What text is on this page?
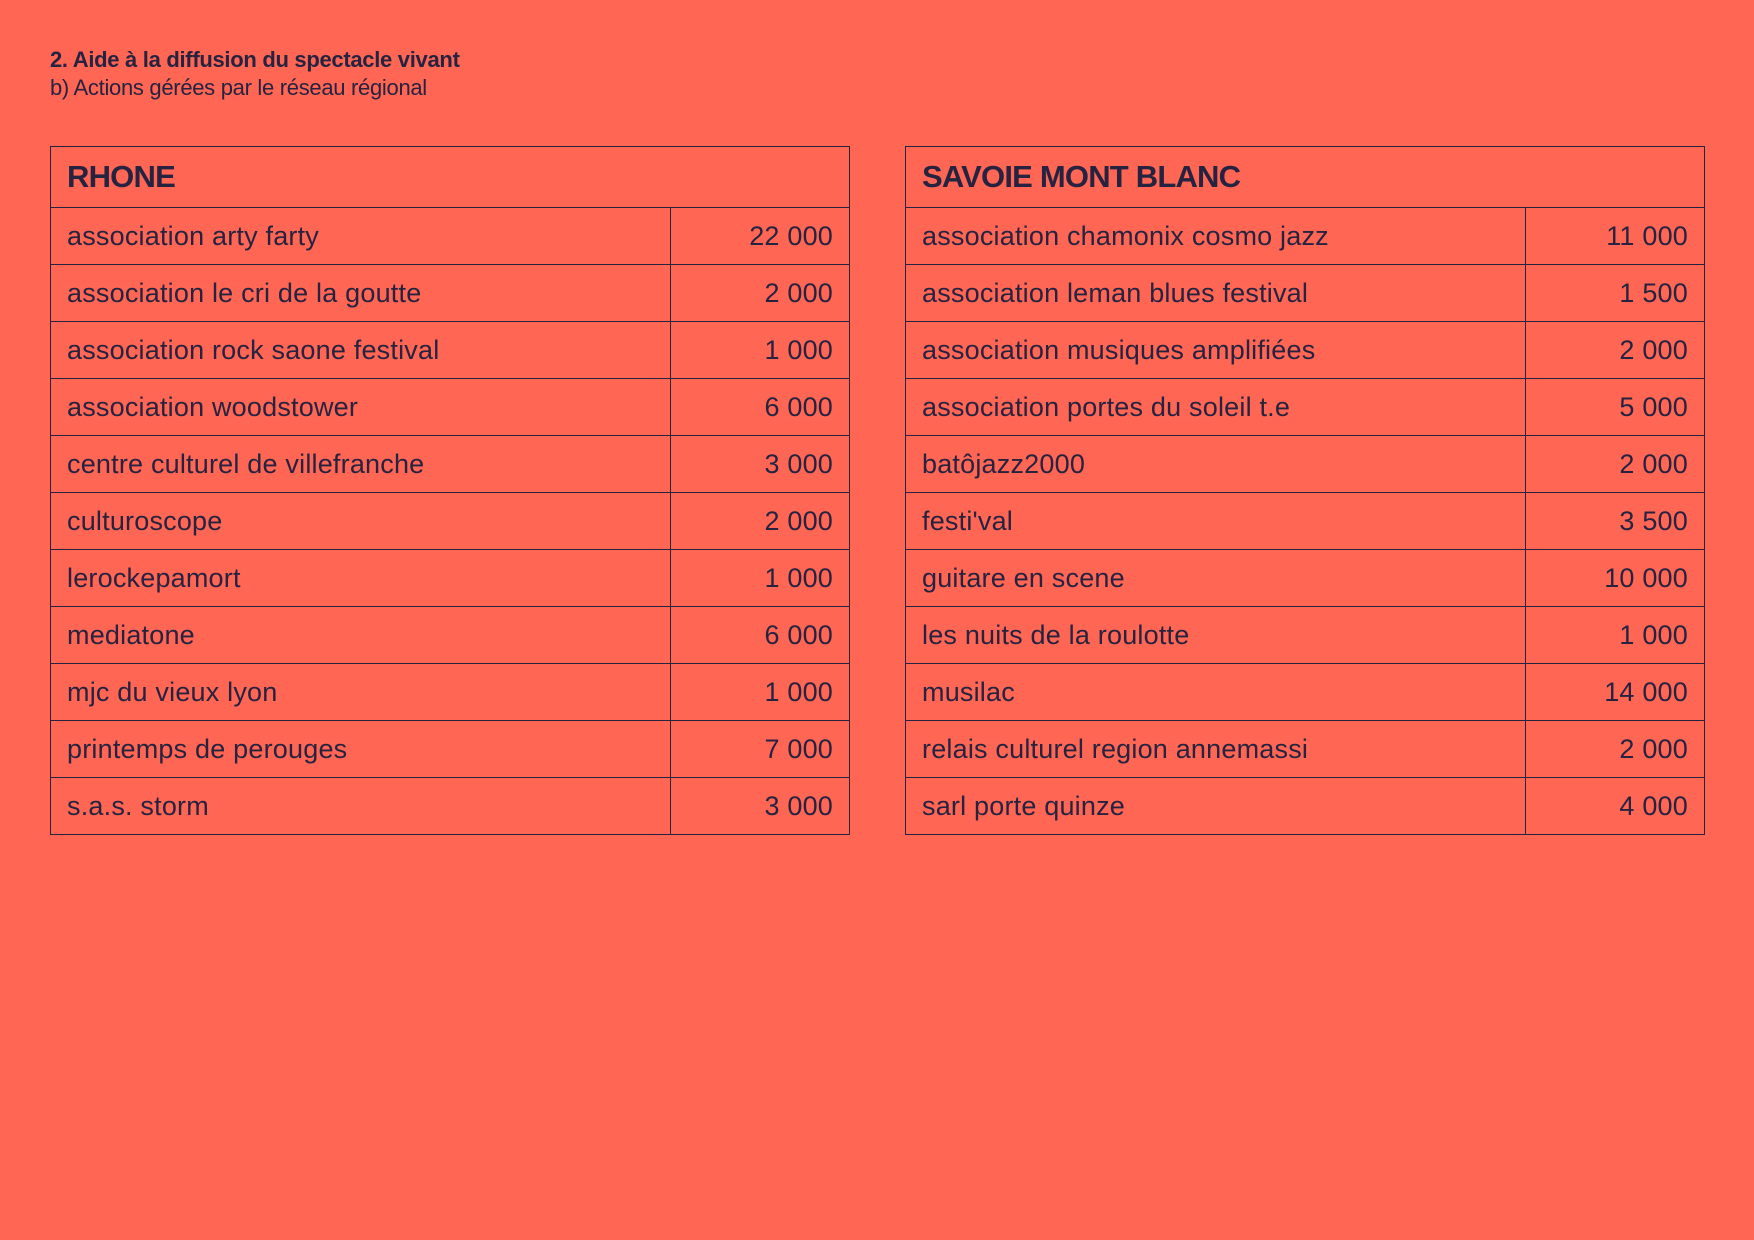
2. Aide à la diffusion du spectacle vivant
b) Actions gérées par le réseau régional
RHONE	
association arty farty	22 000
association le cri de la goutte	2 000
association rock saone festival	1 000
association woodstower	6 000
centre culturel de villefranche	3 000
culturoscope	2 000
lerockepamort	1 000
mediatone	6 000
mjc du vieux lyon	1 000
printemps de perouges	7 000
s.a.s. storm	3 000
SAVOIE MONT BLANC	
association chamonix cosmo jazz	11 000
association leman blues festival	1 500
association musiques amplifiées	2 000
association portes du soleil t.e	5 000
batôjazz2000	2 000
festi'val	3 500
guitare en scene	10 000
les nuits de la roulotte	1 000
musilac	14 000
relais culturel region annemassi	2 000
sarl porte quinze	4 000
